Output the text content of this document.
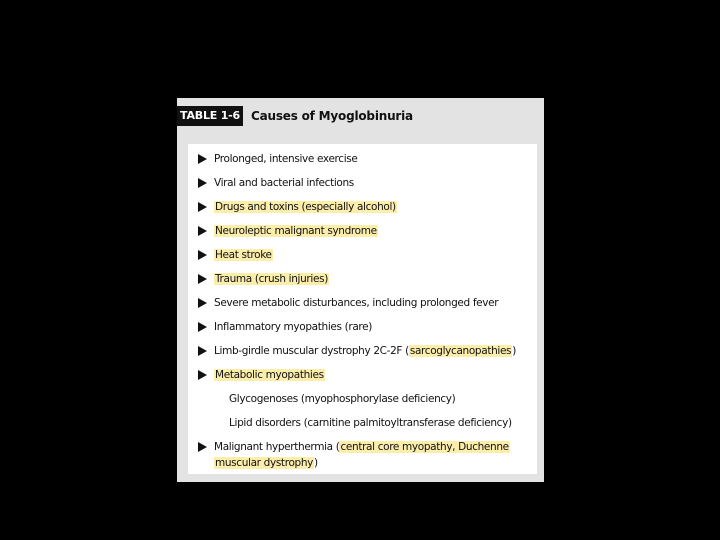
TABLE 1-6 Causes of Myoglobinuria
Prolonged, intensive exercise
Viral and bacterial infections
Drugs and toxins (especially alcohol)
Neuroleptic malignant syndrome
Heat stroke
Trauma (crush injuries)
Severe metabolic disturbances, including prolonged fever
Inflammatory myopathies (rare)
Limb-girdle muscular dystrophy 2C-2F (sarcoglycanopathies)
Metabolic myopathies
Glycogenoses (myophosphorylase deficiency)
Lipid disorders (carnitine palmitoyltransferase deficiency)
Malignant hyperthermia (central core myopathy, Duchenne
muscular dystrophy)
